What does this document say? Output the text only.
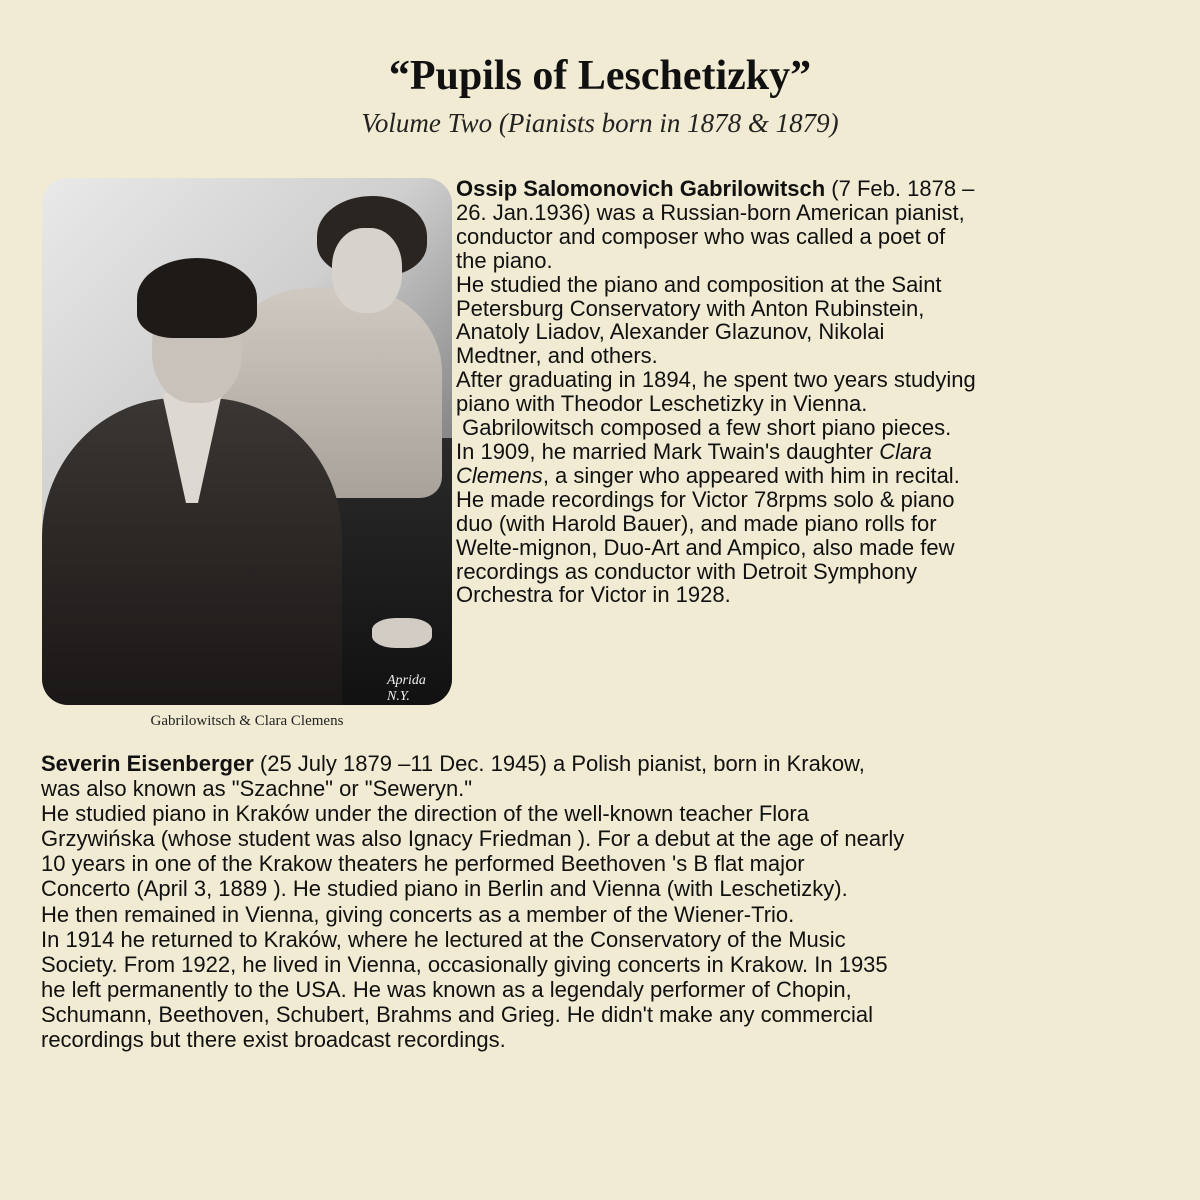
“Pupils of Leschetizky”
Volume Two (Pianists born in 1878 & 1879)
Aprida N.Y.
Gabrilowitsch & Clara Clemens
Ossip Salomonovich Gabrilowitsch (7 Feb. 1878 –
26. Jan.1936) was a Russian-born American pianist,
conductor and composer who was called a poet of
the piano.
He studied the piano and composition at the Saint
Petersburg Conservatory with Anton Rubinstein,
Anatoly Liadov, Alexander Glazunov, Nikolai
Medtner, and others.
After graduating in 1894, he spent two years studying
piano with Theodor Leschetizky in Vienna.
Gabrilowitsch composed a few short piano pieces.
In 1909, he married Mark Twain's daughter Clara
Clemens, a singer who appeared with him in recital.
He made recordings for Victor 78rpms solo & piano
duo (with Harold Bauer), and made piano rolls for
Welte-mignon, Duo-Art and Ampico, also made few
recordings as conductor with Detroit Symphony
Orchestra for Victor in 1928.
Severin Eisenberger (25 July 1879 –11 Dec. 1945) a Polish pianist, born in Krakow,
was also known as "Szachne" or "Seweryn."
He studied piano in Kraków under the direction of the well-known teacher Flora
Grzywińska (whose student was also Ignacy Friedman ). For a debut at the age of nearly
10 years in one of the Krakow theaters he performed Beethoven 's B flat major
Concerto (April 3, 1889 ). He studied piano in Berlin and Vienna (with Leschetizky).
He then remained in Vienna, giving concerts as a member of the Wiener-Trio.
In 1914 he returned to Kraków, where he lectured at the Conservatory of the Music
Society. From 1922, he lived in Vienna, occasionally giving concerts in Krakow. In 1935
he left permanently to the USA. He was known as a legendaly performer of Chopin,
Schumann, Beethoven, Schubert, Brahms and Grieg. He didn't make any commercial
recordings but there exist broadcast recordings.
